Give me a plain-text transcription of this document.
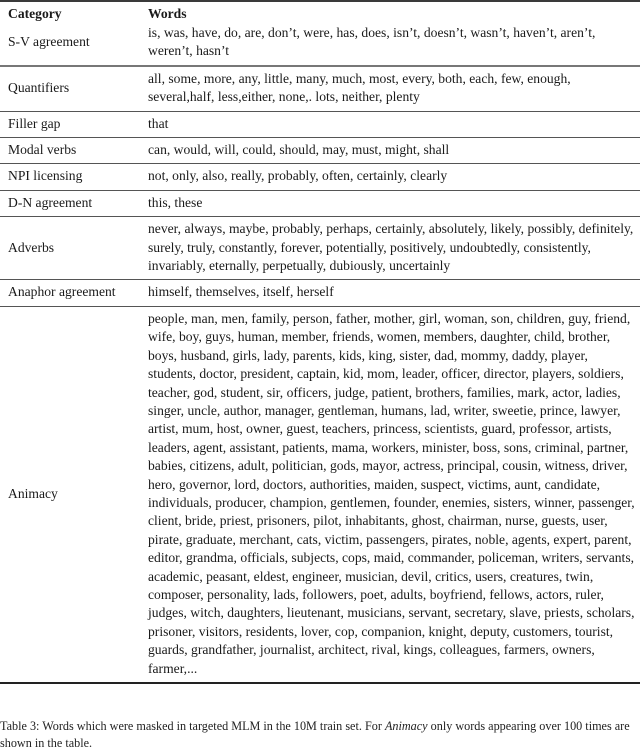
Category	Words
S-V agreement	is, was, have, do, are, don’t, were, has, does, isn’t, doesn’t, wasn’t, haven’t, aren’t, weren’t, hasn’t
Quantifiers	all, some, more, any, little, many, much, most, every, both, each, few, enough, several,half, less,either, none,. lots, neither, plenty
Filler gap	that
Modal verbs	can, would, will, could, should, may, must, might, shall
NPI licensing	not, only, also, really, probably, often, certainly, clearly
D-N agreement	this, these
Adverbs	never, always, maybe, probably, perhaps, certainly, absolutely, likely, possibly, definitely, surely, truly, constantly, forever, potentially, positively, undoubtedly, consistently, invariably, eternally, perpetually, dubiously, uncertainly
Anaphor agreement	himself, themselves, itself, herself
Animacy	people, man, men, family, person, father, mother, girl, woman, son, children, guy, friend, wife, boy, guys, human, member, friends, women, members, daughter, child, brother, boys, husband, girls, lady, parents, kids, king, sister, dad, mommy, daddy, player, students, doctor, president, captain, kid, mom, leader, officer, director, players, soldiers, teacher, god, student, sir, officers, judge, patient, brothers, families, mark, actor, ladies, singer, uncle, author, manager, gentleman, humans, lad, writer, sweetie, prince, lawyer, artist, mum, host, owner, guest, teachers, princess, scientists, guard, professor, artists, leaders, agent, assistant, patients, mama, workers, minister, boss, sons, criminal, partner, babies, citizens, adult, politician, gods, mayor, actress, principal, cousin, witness, driver, hero, governor, lord, doctors, authorities, maiden, suspect, victims, aunt, candidate, individuals, producer, champion, gentlemen, founder, enemies, sisters, winner, passenger, client, bride, priest, prisoners, pilot, inhabitants, ghost, chairman, nurse, guests, user, pirate, graduate, merchant, cats, victim, passengers, pirates, noble, agents, expert, parent, editor, grandma, officials, subjects, cops, maid, commander, policeman, writers, servants, academic, peasant, eldest, engineer, musician, devil, critics, users, creatures, twin, composer, personality, lads, followers, poet, adults, boyfriend, fellows, actors, ruler, judges, witch, daughters, lieutenant, musicians, servant, secretary, slave, priests, scholars, prisoner, visitors, residents, lover, cop, companion, knight, deputy, customers, tourist, guards, grandfather, journalist, architect, rival, kings, colleagues, farmers, owners, farmer,...
Table 3: Words which were masked in targeted MLM in the 10M train set. For Animacy only words appearing over 100 times are shown in the table.
